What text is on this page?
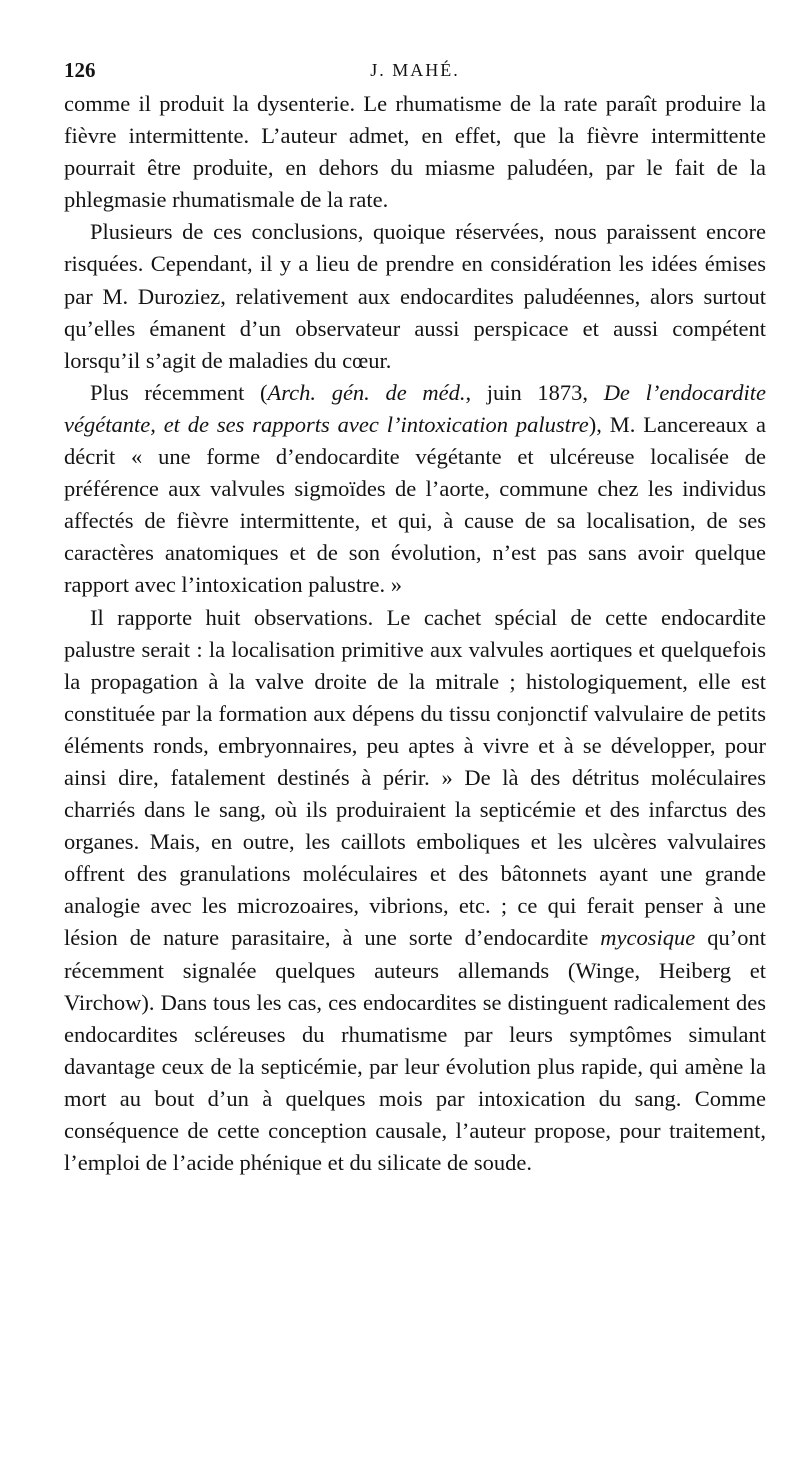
126	J. MAHÉ.

comme il produit la dysenterie. Le rhumatisme de la rate paraît produire la fièvre intermittente. L’auteur admet, en effet, que la fièvre intermittente pourrait être produite, en dehors du miasme paludéen, par le fait de la phlegmasie rhumatismale de la rate.

Plusieurs de ces conclusions, quoique réservées, nous paraissent encore risquées. Cependant, il y a lieu de prendre en considération les idées émises par M. Duroziez, relativement aux endocardites paludéennes, alors surtout qu’elles émanent d’un observateur aussi perspicace et aussi compétent lorsqu’il s’agit de maladies du cœur.

Plus récemment (Arch. gén. de méd., juin 1873, De l’endocardite végétante, et de ses rapports avec l’intoxication palustre), M. Lancereaux a décrit « une forme d’endocardite végétante et ulcéreuse localisée de préférence aux valvules sigmoïdes de l’aorte, commune chez les individus affectés de fièvre intermittente, et qui, à cause de sa localisation, de ses caractères anatomiques et de son évolution, n’est pas sans avoir quelque rapport avec l’intoxication palustre. »

Il rapporte huit observations. Le cachet spécial de cette endocardite palustre serait : la localisation primitive aux valvules aortiques et quelquefois la propagation à la valve droite de la mitrale ; histologiquement, elle est constituée par la formation aux dépens du tissu conjonctif valvulaire de petits éléments ronds, embryonnaires, peu aptes à vivre et à se développer, pour ainsi dire, fatalement destinés à périr. » De là des détritus moléculaires charriés dans le sang, où ils produiraient la septicémie et des infarctus des organes. Mais, en outre, les caillots emboliques et les ulcères valvulaires offrent des granulations moléculaires et des bâtonnets ayant une grande analogie avec les microzoaires, vibrions, etc. ; ce qui ferait penser à une lésion de nature parasitaire, à une sorte d’endocardite mycosique qu’ont récemment signalée quelques auteurs allemands (Winge, Heiberg et Virchow). Dans tous les cas, ces endocardites se distinguent radicalement des endocardites scléreuses du rhumatisme par leurs symptômes simulant davantage ceux de la septicémie, par leur évolution plus rapide, qui amène la mort au bout d’un à quelques mois par intoxication du sang. Comme conséquence de cette conception causale, l’auteur propose, pour traitement, l’emploi de l’acide phénique et du silicate de soude.
